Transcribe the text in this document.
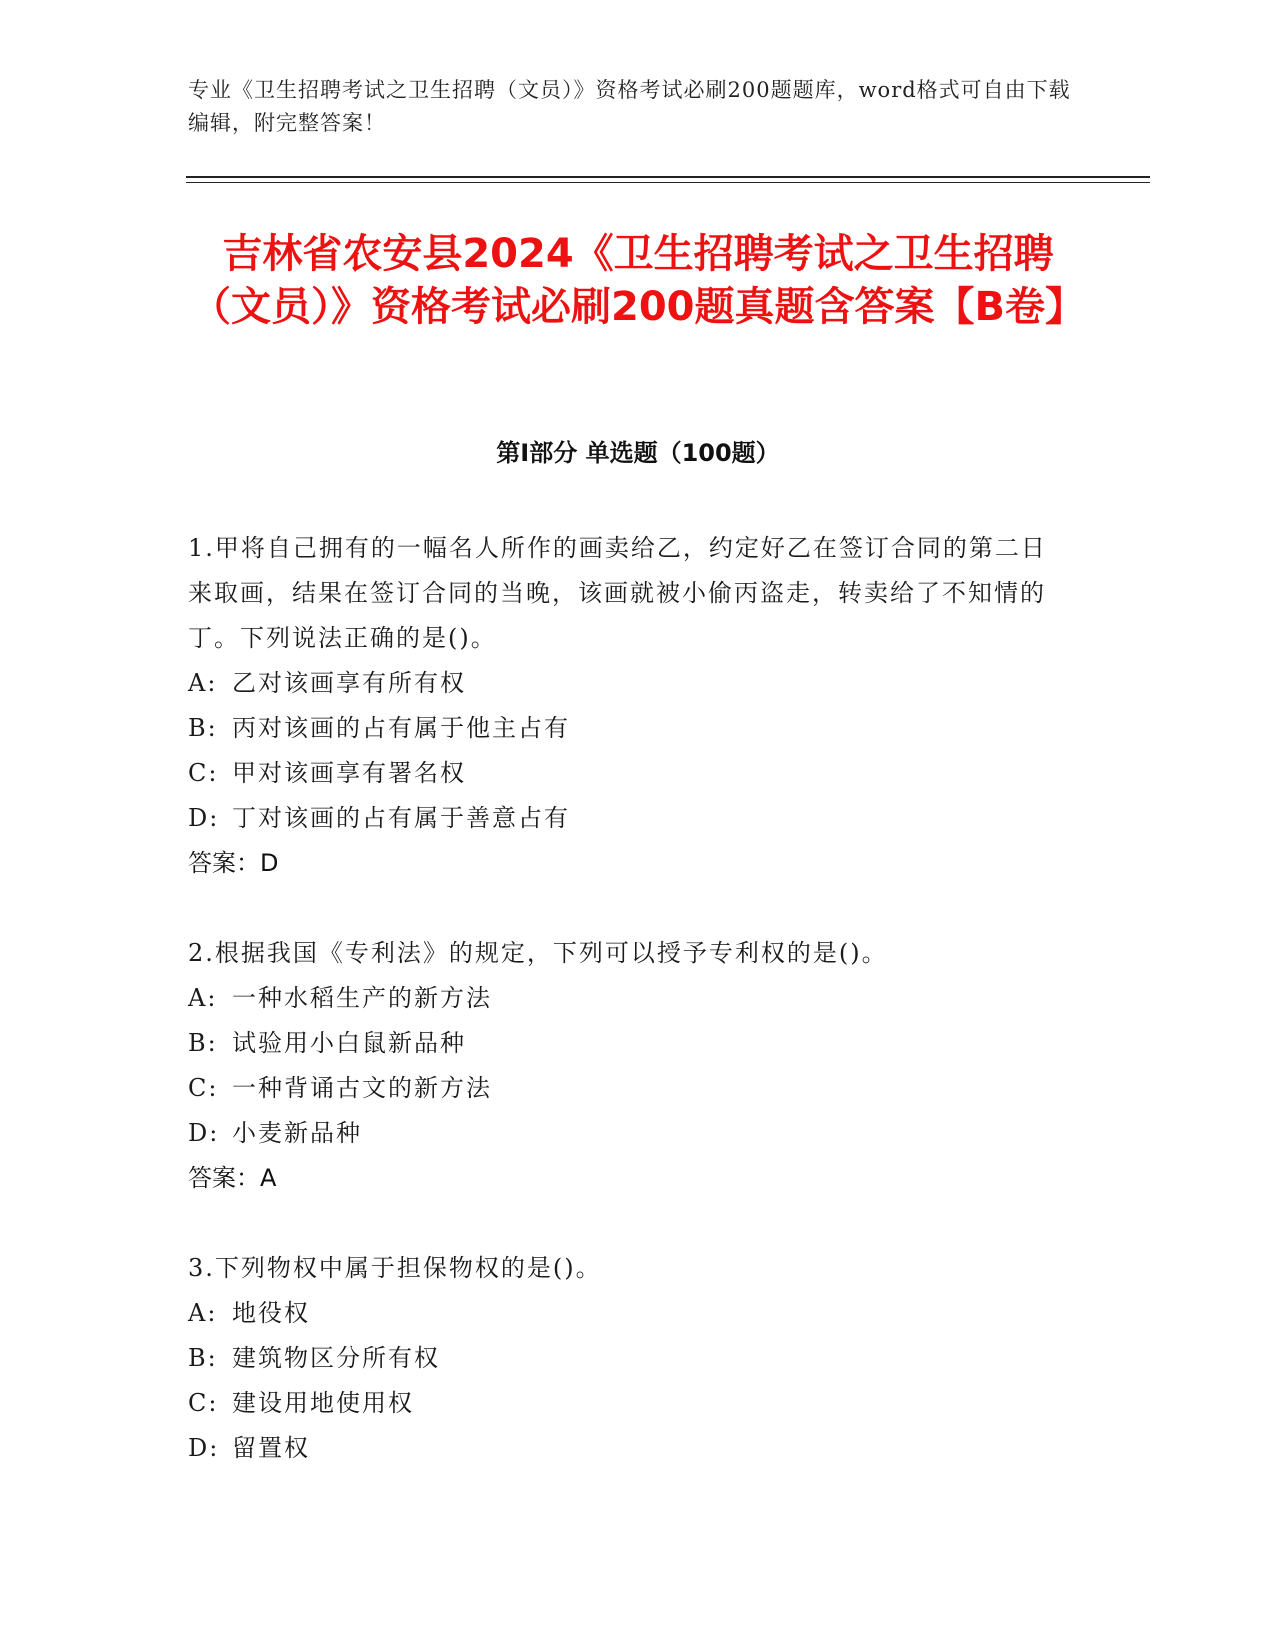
专业《卫生招聘考试之卫生招聘（文员）》资格考试必刷200题题库，word格式可自由下载编辑，附完整答案！
吉林省农安县2024《卫生招聘考试之卫生招聘（文员）》资格考试必刷200题真题含答案【B卷】
第Ⅰ部分 单选题（100题）
1.甲将自己拥有的一幅名人所作的画卖给乙，约定好乙在签订合同的第二日来取画，结果在签订合同的当晚，该画就被小偷丙盗走，转卖给了不知情的丁。下列说法正确的是()。
A: 乙对该画享有所有权
B: 丙对该画的占有属于他主占有
C: 甲对该画享有署名权
D: 丁对该画的占有属于善意占有
答案：D
2.根据我国《专利法》的规定，下列可以授予专利权的是()。
A: 一种水稻生产的新方法
B: 试验用小白鼠新品种
C: 一种背诵古文的新方法
D: 小麦新品种
答案：A
3.下列物权中属于担保物权的是()。
A: 地役权
B: 建筑物区分所有权
C: 建设用地使用权
D: 留置权
